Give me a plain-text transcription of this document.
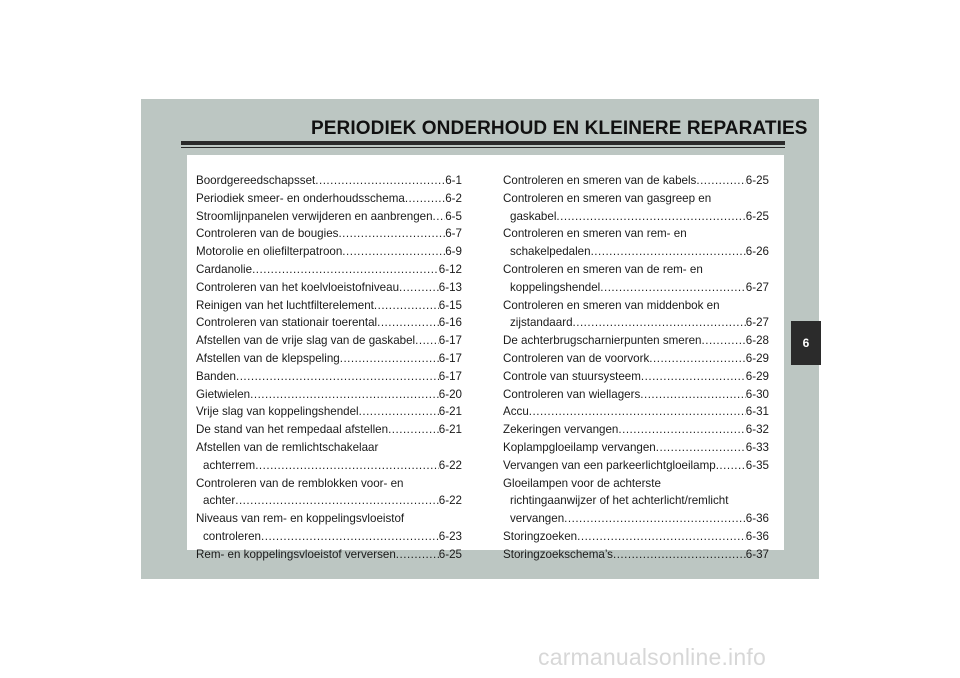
PERIODIEK ONDERHOUD EN KLEINERE REPARATIES
Boordgereedschapsset .....	6-1
Periodiek smeer- en onderhoudsschema .....	6-2
Stroomlijnpanelen verwijderen en aanbrengen ..... 6-5
Controleren van de bougies .....	6-7
Motorolie en oliefilterpatroon .....	6-9
Cardanolie .....	6-12
Controleren van het koelvloeistofniveau .....	6-13
Reinigen van het luchtfilterelement .....	6-15
Controleren van stationair toerental .....	6-16
Afstellen van de vrije slag van de gaskabel ..... 6-17
Afstellen van de klepspeling .....	6-17
Banden .....	6-17
Gietwielen .....	6-20
Vrije slag van koppelingshendel .....	6-21
De stand van het rempedaal afstellen .....	6-21
Afstellen van de remlichtschakelaar
achterrem .....	6-22
Controleren van de remblokken voor- en
achter .....	6-22
Niveaus van rem- en koppelingsvloeistof
controleren .....	6-23
Rem- en koppelingsvloeistof verversen .....	6-25
Controleren en smeren van de kabels .....	6-25
Controleren en smeren van gasgreep en
gaskabel .....	6-25
Controleren en smeren van rem- en
schakelpedalen .....	6-26
Controleren en smeren van de rem- en
koppelingshendel .....	6-27
Controleren en smeren van middenbok en
zijstandaard .....	6-27
De achterbrugscharnierpunten smeren .....	6-28
Controleren van de voorvork .....	6-29
Controle van stuursysteem .....	6-29
Controleren van wiellagers .....	6-30
Accu .....	6-31
Zekeringen vervangen .....	6-32
Koplampgloeilamp vervangen .....	6-33
Vervangen van een parkeerlichtgloeilamp .....	6-35
Gloeilampen voor de achterste
richtingaanwijzer of het achterlicht/remlicht
vervangen .....	6-36
Storingzoeken .....	6-36
Storingzoekschema’s .....	6-37
6
carmanualsonline.info
